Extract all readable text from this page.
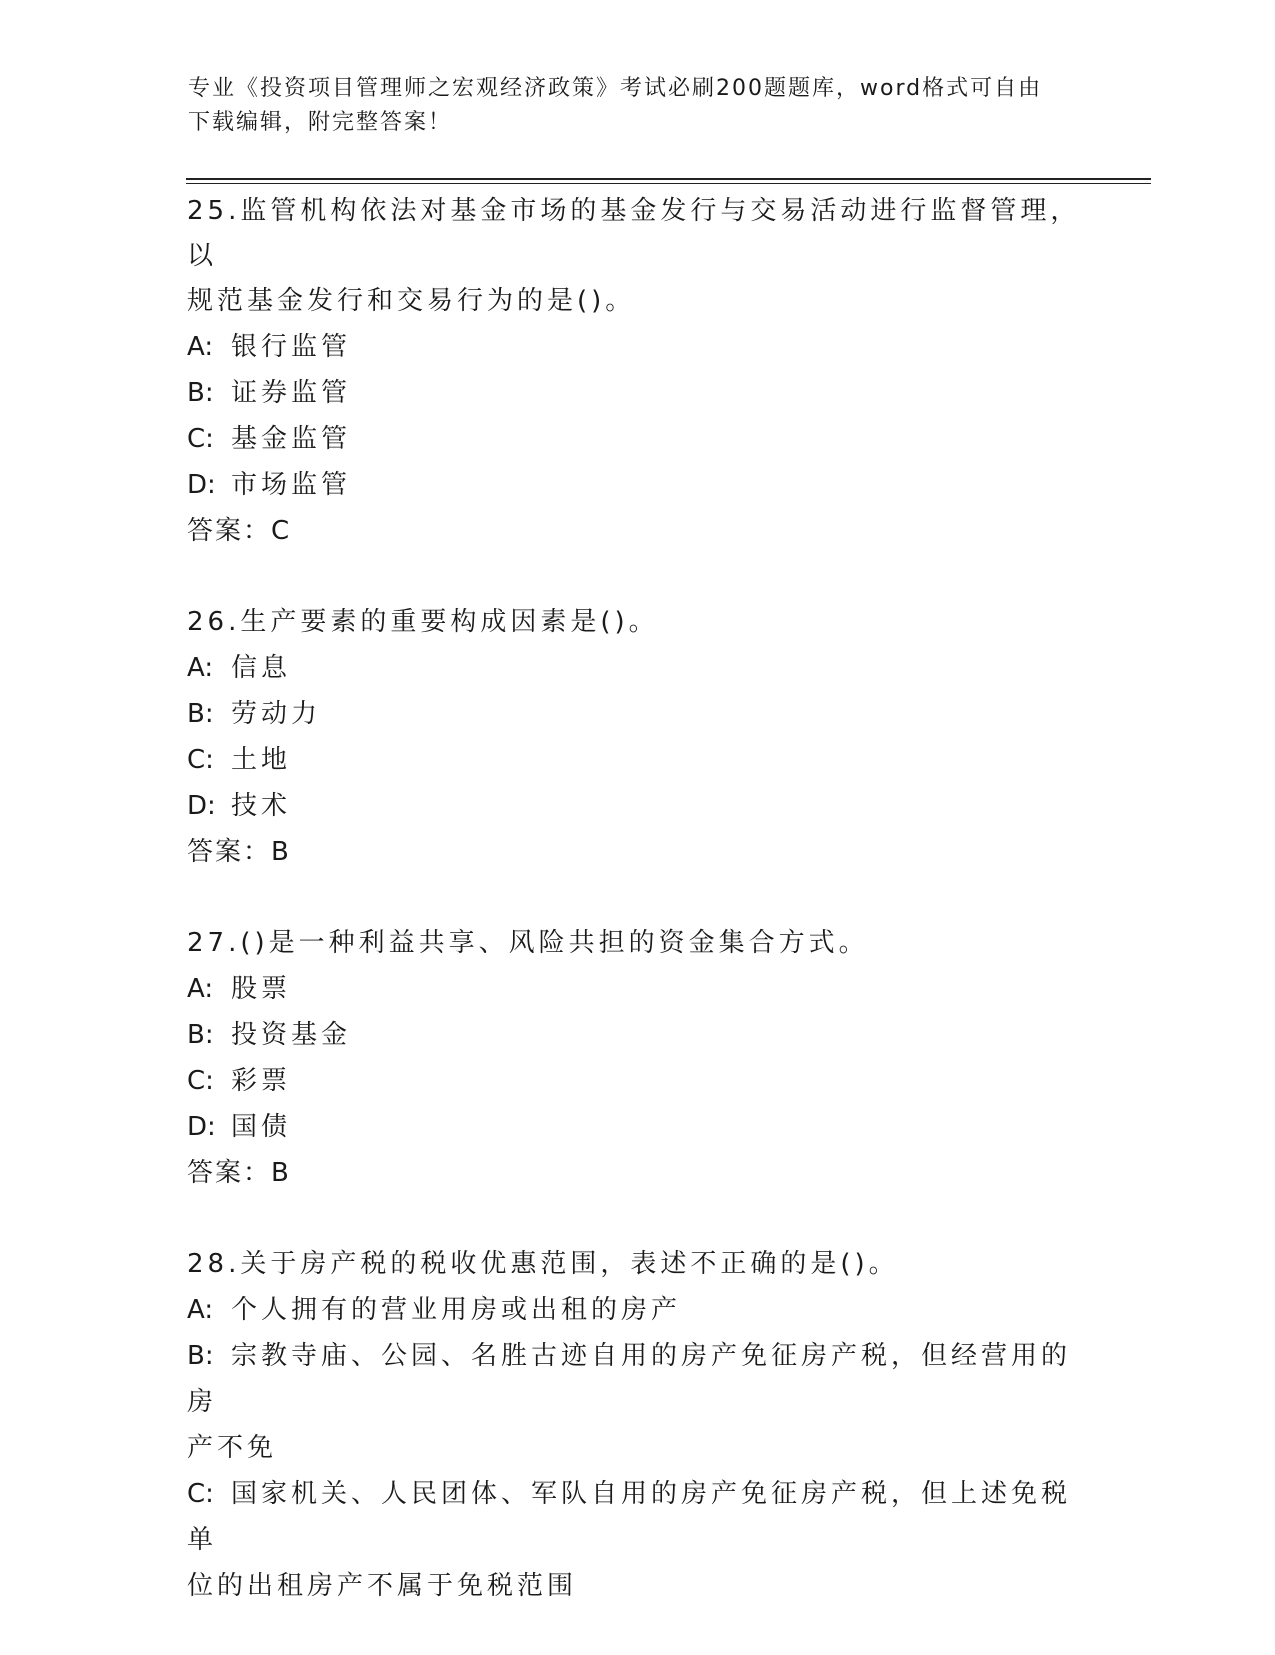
专业《投资项目管理师之宏观经济政策》考试必刷200题题库，word格式可自由
下载编辑，附完整答案！
25.监管机构依法对基金市场的基金发行与交易活动进行监督管理，以
规范基金发行和交易行为的是()。
A: 银行监管
B: 证券监管
C: 基金监管
D: 市场监管
答案：C
26.生产要素的重要构成因素是()。
A: 信息
B: 劳动力
C: 土地
D: 技术
答案：B
27.()是一种利益共享、风险共担的资金集合方式。
A: 股票
B: 投资基金
C: 彩票
D: 国债
答案：B
28.关于房产税的税收优惠范围，表述不正确的是()。
A: 个人拥有的营业用房或出租的房产
B: 宗教寺庙、公园、名胜古迹自用的房产免征房产税，但经营用的房
产不免
C: 国家机关、人民团体、军队自用的房产免征房产税，但上述免税单
位的出租房产不属于免税范围
